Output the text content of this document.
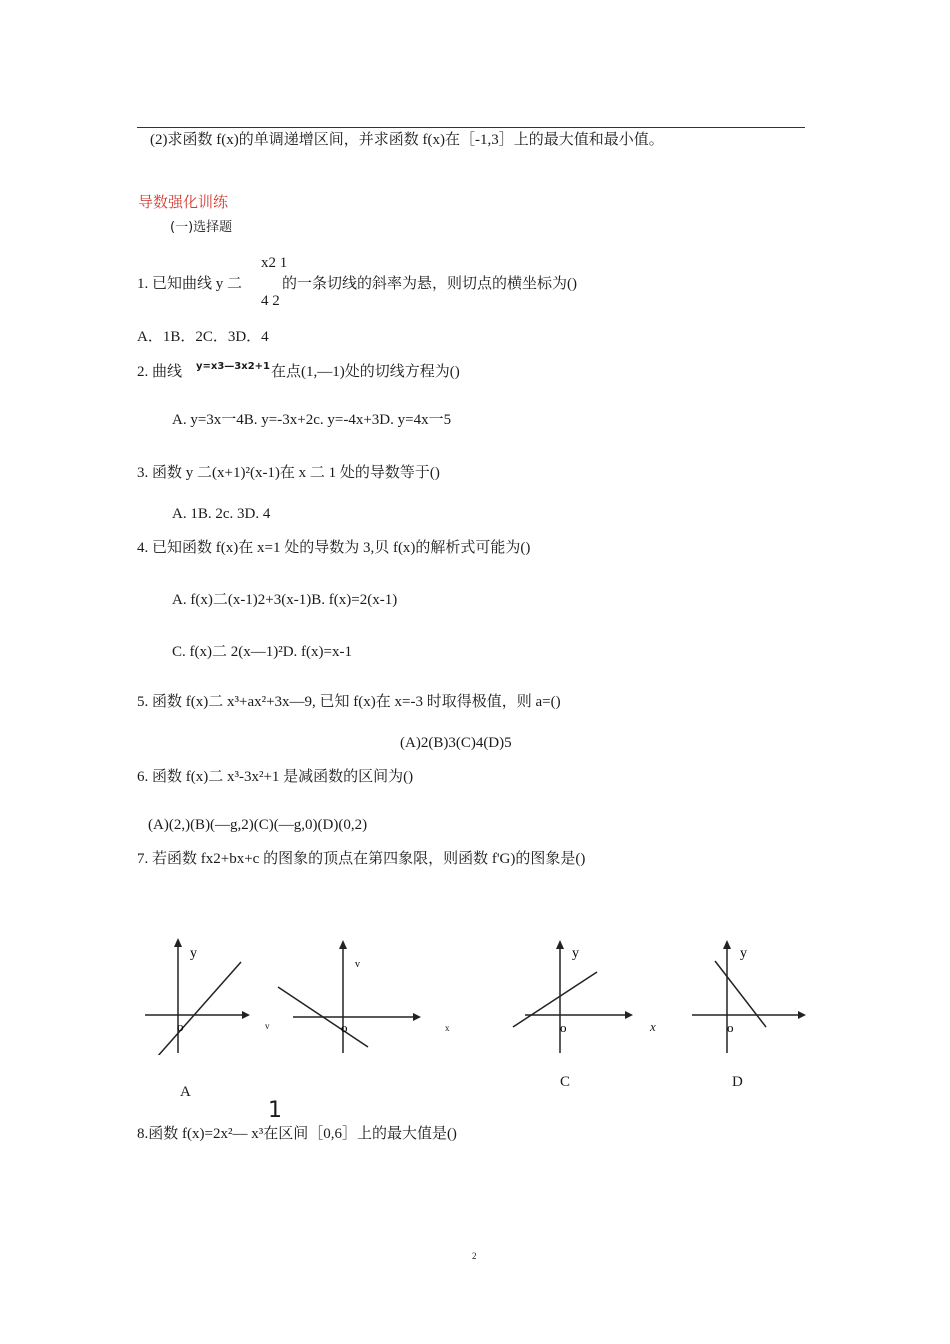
(2)求函数 f(x)的单调递增区间，并求函数 f(x)在［-1,3］上的最大值和最小值。
导数强化训练
(一)选择题
x2 1
1. 已知曲线 y 二
4 2
的一条切线的斜率为悬，则切点的横坐标为()
A．1B．2C．3D．4
2. 曲线 y=x3—3x2+1 在点(1,—1)处的切线方程为()
A. y=3x一4B. y=-3x+2c. y=-4x+3D. y=4x一5
3. 函数 y 二(x+1)²(x-1)在 x 二 1 处的导数等于()
A. 1B. 2c. 3D. 4
4. 已知函数 f(x)在 x=1 处的导数为 3,贝 f(x)的解析式可能为()
A. f(x)二(x-1)2+3(x-1)B. f(x)=2(x-1)
C. f(x)二 2(x—1)²D. f(x)=x-1
5. 函数 f(x)二 x³+ax²+3x—9, 已知 f(x)在 x=-3 时取得极值，则 a=()
(A)2(B)3(C)4(D)5
6. 函数 f(x)二 x³-3x²+1 是减函数的区间为()
(A)(2,)(B)(—g,2)(C)(—g,0)(D)(0,2)
7. 若函数 fx2+bx+c 的图象的顶点在第四象限，则函数 f'G)的图象是()
y
o	v
v
o	x
y
o	x
y
o
A
C	D
1
8.函数 f(x)=2x²— x³在区间［0,6］上的最大值是()
2
